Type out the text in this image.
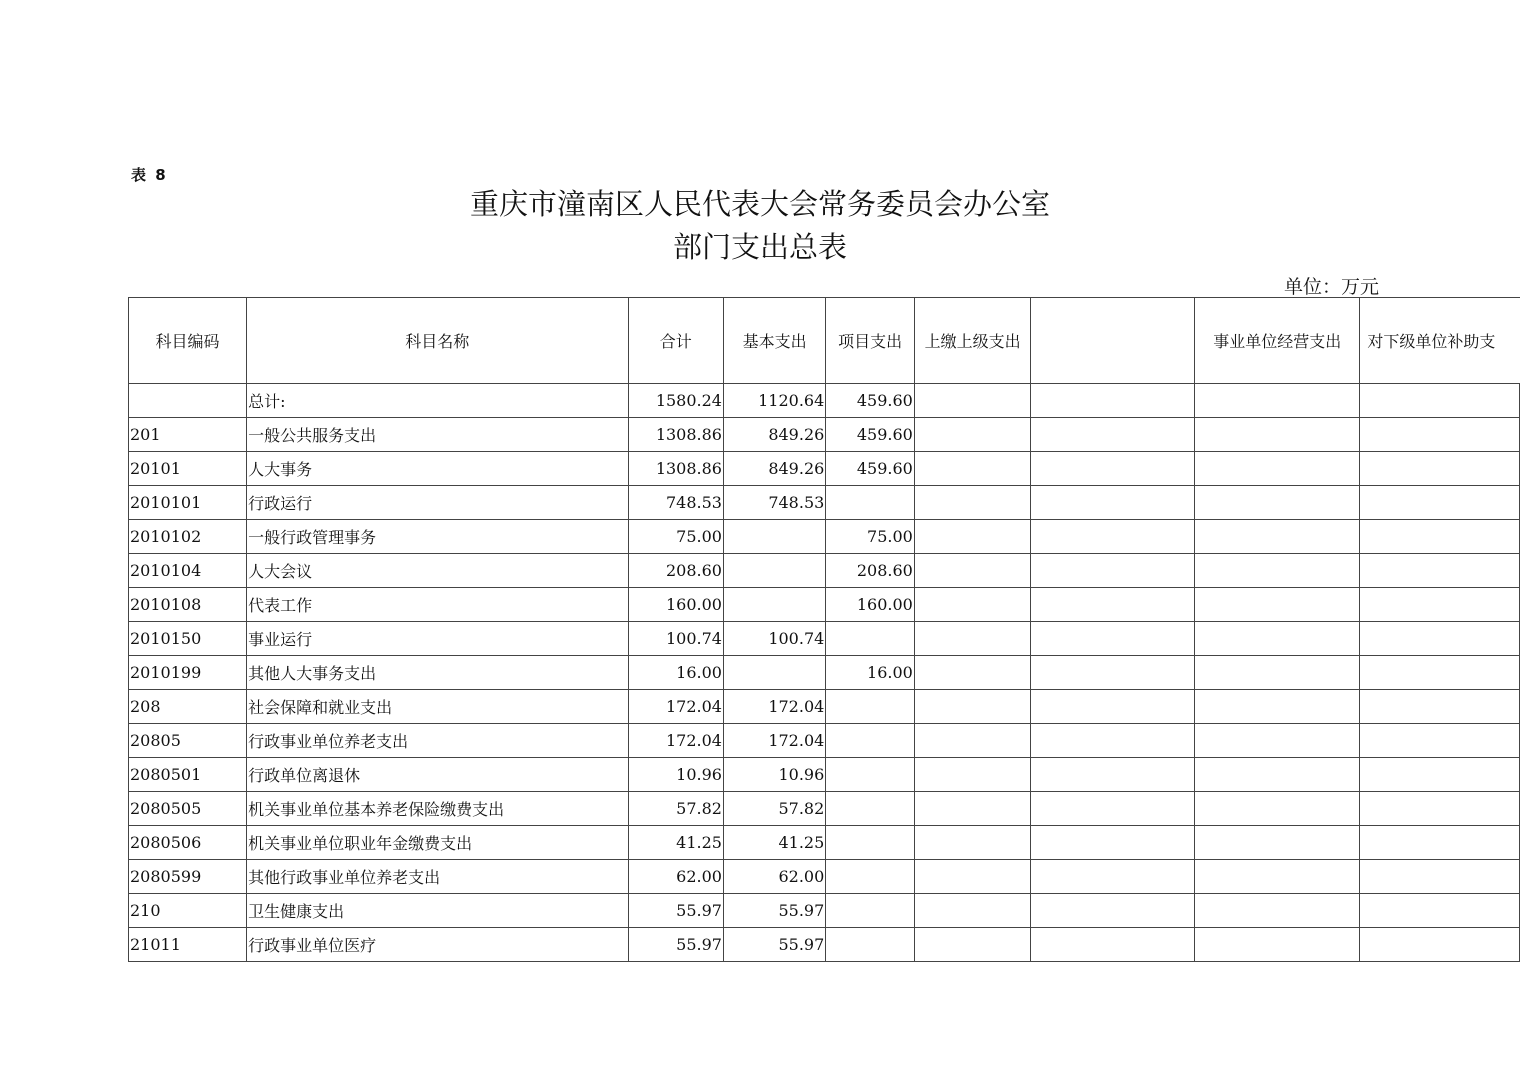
表 8
重庆市潼南区人民代表大会常务委员会办公室
部门支出总表
单位：万元
科目编码	科目名称	合计	基本支出	项目支出	上缴上级支出		事业单位经营支出	对下级单位补助支
	总计:	1580.24	1120.64	459.60				
201	一般公共服务支出	1308.86	849.26	459.60				
20101	人大事务	1308.86	849.26	459.60				
2010101	行政运行	748.53	748.53					
2010102	一般行政管理事务	75.00		75.00				
2010104	人大会议	208.60		208.60				
2010108	代表工作	160.00		160.00				
2010150	事业运行	100.74	100.74					
2010199	其他人大事务支出	16.00		16.00				
208	社会保障和就业支出	172.04	172.04					
20805	行政事业单位养老支出	172.04	172.04					
2080501	行政单位离退休	10.96	10.96					
2080505	机关事业单位基本养老保险缴费支出	57.82	57.82					
2080506	机关事业单位职业年金缴费支出	41.25	41.25					
2080599	其他行政事业单位养老支出	62.00	62.00					
210	卫生健康支出	55.97	55.97					
21011	行政事业单位医疗	55.97	55.97					
